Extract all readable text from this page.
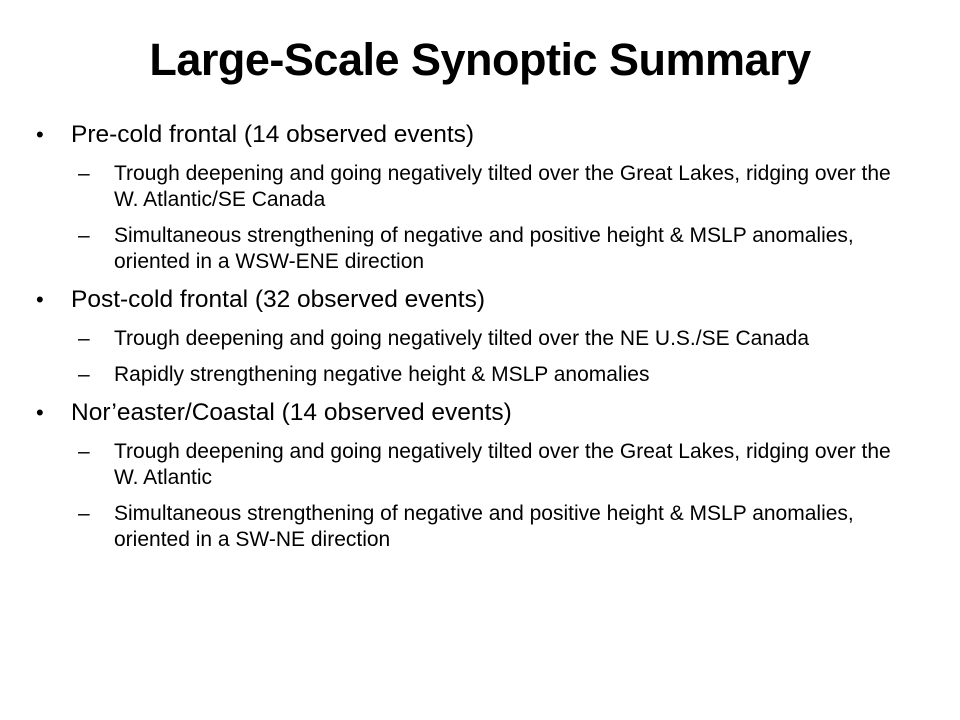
Large-Scale Synoptic Summary
• Pre-cold frontal (14 observed events)
– Trough deepening and going negatively tilted over the Great Lakes, ridging over the W. Atlantic/SE Canada
– Simultaneous strengthening of negative and positive height & MSLP anomalies, oriented in a WSW-ENE direction
• Post-cold frontal (32 observed events)
– Trough deepening and going negatively tilted over the NE U.S./SE Canada
– Rapidly strengthening negative height & MSLP anomalies
• Nor’easter/Coastal (14 observed events)
– Trough deepening and going negatively tilted over the Great Lakes, ridging over the W. Atlantic
– Simultaneous strengthening of negative and positive height & MSLP anomalies, oriented in a SW-NE direction
